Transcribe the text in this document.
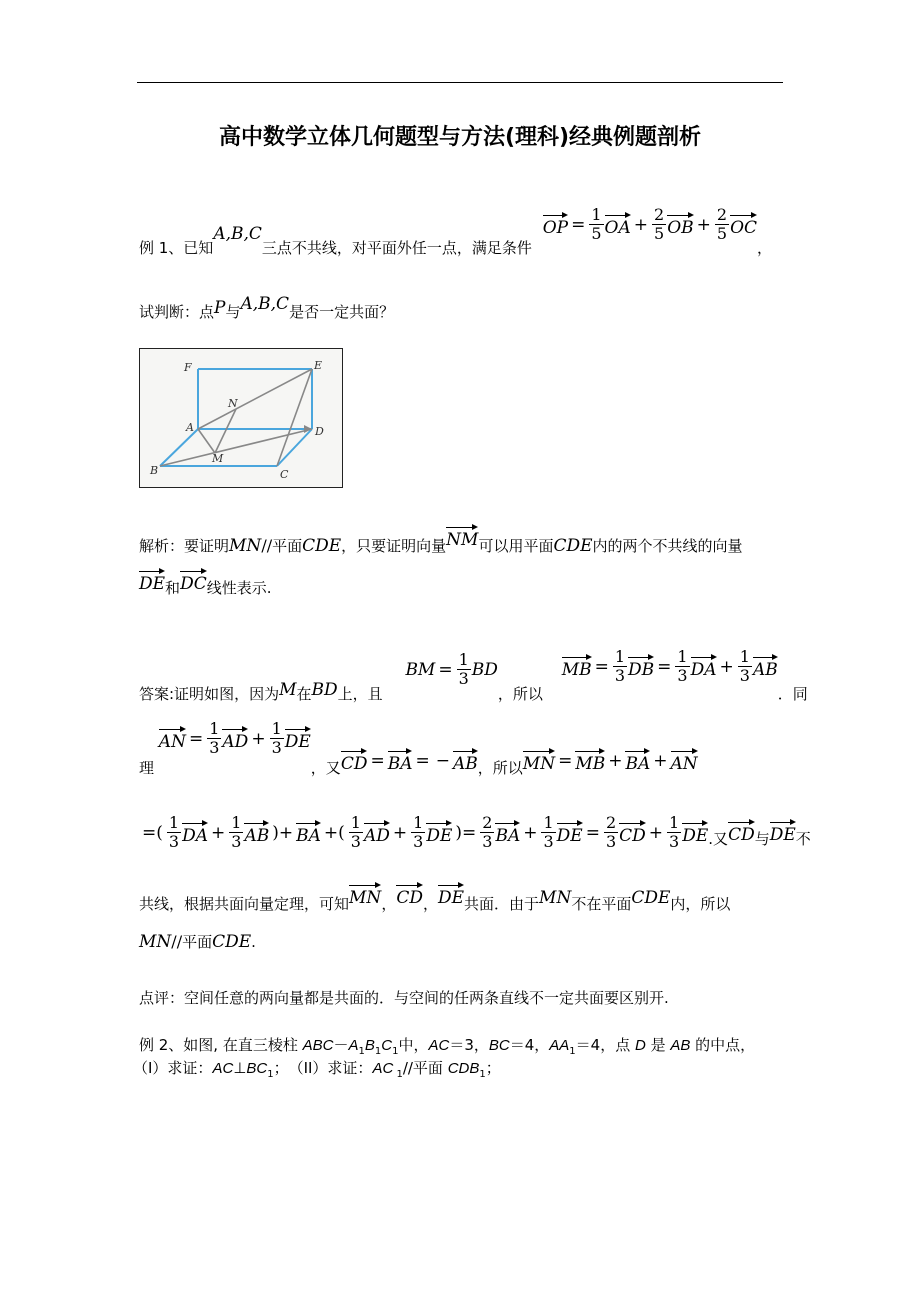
高中数学立体几何题型与方法(理科)经典例题剖析
例 1、已知A,B,C三点不共线，对平面外任一点，满足条件
OP = $\frac{1}{5}$ OA + $\frac{2}{5}$ OB + $\frac{2}{5}$ OC
，
试判断：点P与A,B,C是否一定共面？
F	E
N
A	D
M
B	C
解析：要证明MN//平面CDE，只要证明向量NM可以用平面CDE内的两个不共线的向量
DE和DC线性表示.
答案:证明如图，因为M在BD上，且
BM = $\frac{1}{3}$ BD
，所以
MB = $\frac{1}{3}$ DB = $\frac{1}{3}$ DA + $\frac{1}{3}$ AB
．同
理
AN = $\frac{1}{3}$ AD + $\frac{1}{3}$ DE
，又 CD = BA = − AB ，所以 MN = MB + BA + AN
=( $\frac{1}{3}$ DA + $\frac{1}{3}$ AB )+ BA +( $\frac{1}{3}$ AD + $\frac{1}{3}$ DE )= $\frac{2}{3}$ BA + $\frac{1}{3}$ DE = $\frac{2}{3}$ CD + $\frac{1}{3}$ DE .又CD与DE不
共线，根据共面向量定理，可知MN，CD，DE共面．由于MN不在平面CDE内，所以
MN//平面CDE.
点评：空间任意的两向量都是共面的．与空间的任两条直线不一定共面要区别开.
例 2、如图, 在直三棱柱 $ABC-A_1B_1C_1$中，AC＝3，BC＝4，$AA_1=4$，点 D 是 AB 的中点，
（I）求证：$AC\perp BC_1$；　（II）求证：AC $_1$//平面 $CDB_1$；
